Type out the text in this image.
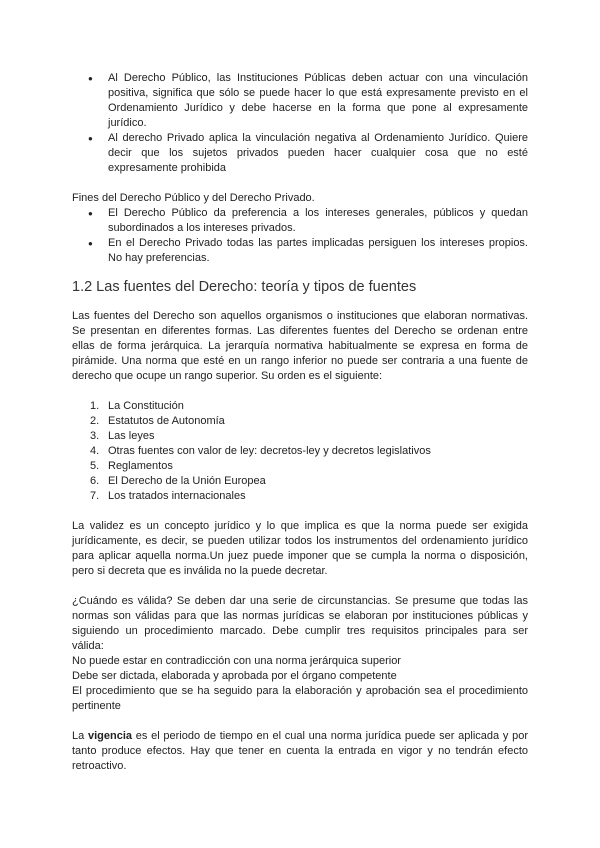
● Al Derecho Público, las Instituciones Públicas deben actuar con una vinculación positiva, significa que sólo se puede hacer lo que está expresamente previsto en el Ordenamiento Jurídico y debe hacerse en la forma que pone al expresamente jurídico.
● Al derecho Privado aplica la vinculación negativa al Ordenamiento Jurídico. Quiere decir que los sujetos privados pueden hacer cualquier cosa que no esté expresamente prohibida

Fines del Derecho Público y del Derecho Privado.

● El Derecho Público da preferencia a los intereses generales, públicos y quedan subordinados a los intereses privados.
● En el Derecho Privado todas las partes implicadas persiguen los intereses propios. No hay preferencias.
1.2 Las fuentes del Derecho: teoría y tipos de fuentes

Las fuentes del Derecho son aquellos organismos o instituciones que elaboran normativas. Se presentan en diferentes formas. Las diferentes fuentes del Derecho se ordenan entre ellas de forma jerárquica. La jerarquía normativa habitualmente se expresa en forma de pirámide. Una norma que esté en un rango inferior no puede ser contraria a una fuente de derecho que ocupe un rango superior. Su orden es el siguiente:

1. La Constitución
2. Estatutos de Autonomía
3. Las leyes
4. Otras fuentes con valor de ley: decretos-ley y decretos legislativos
5. Reglamentos
6. El Derecho de la Unión Europea
7. Los tratados internacionales

La validez es un concepto jurídico y lo que implica es que la norma puede ser exigida jurídicamente, es decir, se pueden utilizar todos los instrumentos del ordenamiento jurídico para aplicar aquella norma.Un juez puede imponer que se cumpla la norma o disposición, pero si decreta que es inválida no la puede decretar.

¿Cuándo es válida? Se deben dar una serie de circunstancias. Se presume que todas las normas son válidas para que las normas jurídicas se elaboran por instituciones públicas y siguiendo un procedimiento marcado. Debe cumplir tres requisitos principales para ser válida:

No puede estar en contradicción con una norma jerárquica superior

Debe ser dictada, elaborada y aprobada por el órgano competente

El procedimiento que se ha seguido para la elaboración y aprobación sea el procedimiento pertinente

La vigencia es el periodo de tiempo en el cual una norma jurídica puede ser aplicada y por tanto produce efectos. Hay que tener en cuenta la entrada en vigor y no tendrán efecto retroactivo.
